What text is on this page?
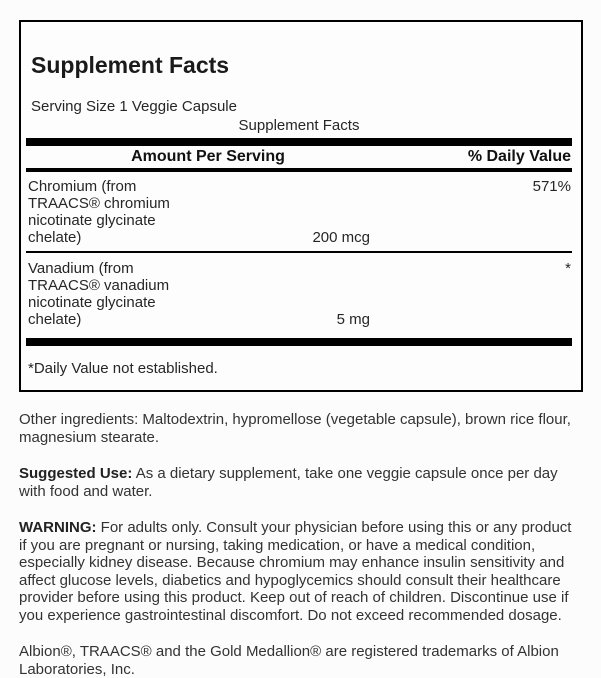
Supplement Facts

Serving Size 1 Veggie Capsule

Supplement Facts
Amount Per Serving		% Daily Value
Chromium (from TRAACS® chromium nicotinate glycinate chelate)	200 mcg	571%
Vanadium (from TRAACS® vanadium nicotinate glycinate chelate)	5 mg	*

*Daily Value not established.

Other ingredients: Maltodextrin, hypromellose (vegetable capsule), brown rice flour, magnesium stearate.

Suggested Use: As a dietary supplement, take one veggie capsule once per day with food and water.

WARNING: For adults only. Consult your physician before using this or any product if you are pregnant or nursing, taking medication, or have a medical condition, especially kidney disease. Because chromium may enhance insulin sensitivity and affect glucose levels, diabetics and hypoglycemics should consult their healthcare provider before using this product. Keep out of reach of children. Discontinue use if you experience gastrointestinal discomfort. Do not exceed recommended dosage.

Albion®, TRAACS® and the Gold Medallion® are registered trademarks of Albion Laboratories, Inc.
